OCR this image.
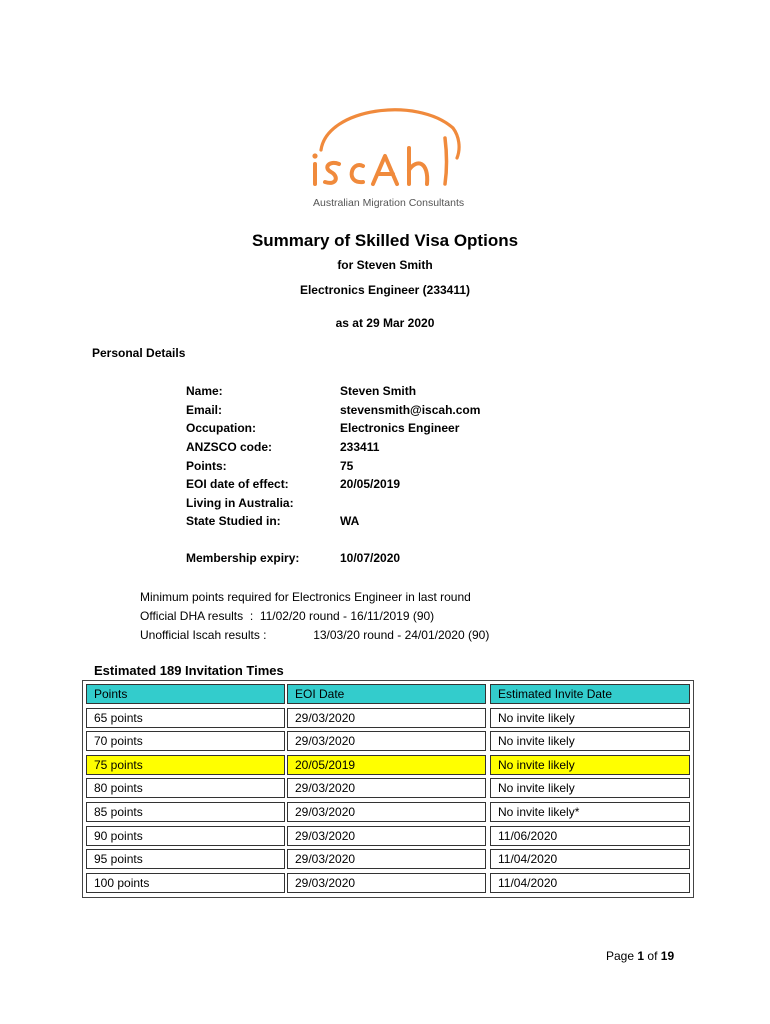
Australian Migration Consultants
Summary of Skilled Visa Options
for Steven Smith
Electronics Engineer (233411)
as at 29 Mar 2020
Personal Details
Name:	Steven Smith
Email:	stevensmith@iscah.com
Occupation:	Electronics Engineer
ANZSCO code:	233411
Points:	75
EOI date of effect:	20/05/2019
Living in Australia:
State Studied in:	WA
Membership expiry:	10/07/2020
Minimum points required for Electronics Engineer in last round
Official DHA results :  11/02/20 round - 16/11/2019 (90)
Unofficial Iscah results :	13/03/20 round - 24/01/2020 (90)
Estimated 189 Invitation Times
Points	EOI Date	Estimated Invite Date
65 points	29/03/2020	No invite likely
70 points	29/03/2020	No invite likely
75 points	20/05/2019	No invite likely
80 points	29/03/2020	No invite likely
85 points	29/03/2020	No invite likely*
90 points	29/03/2020	11/06/2020
95 points	29/03/2020	11/04/2020
100 points	29/03/2020	11/04/2020
Page 1 of 19
